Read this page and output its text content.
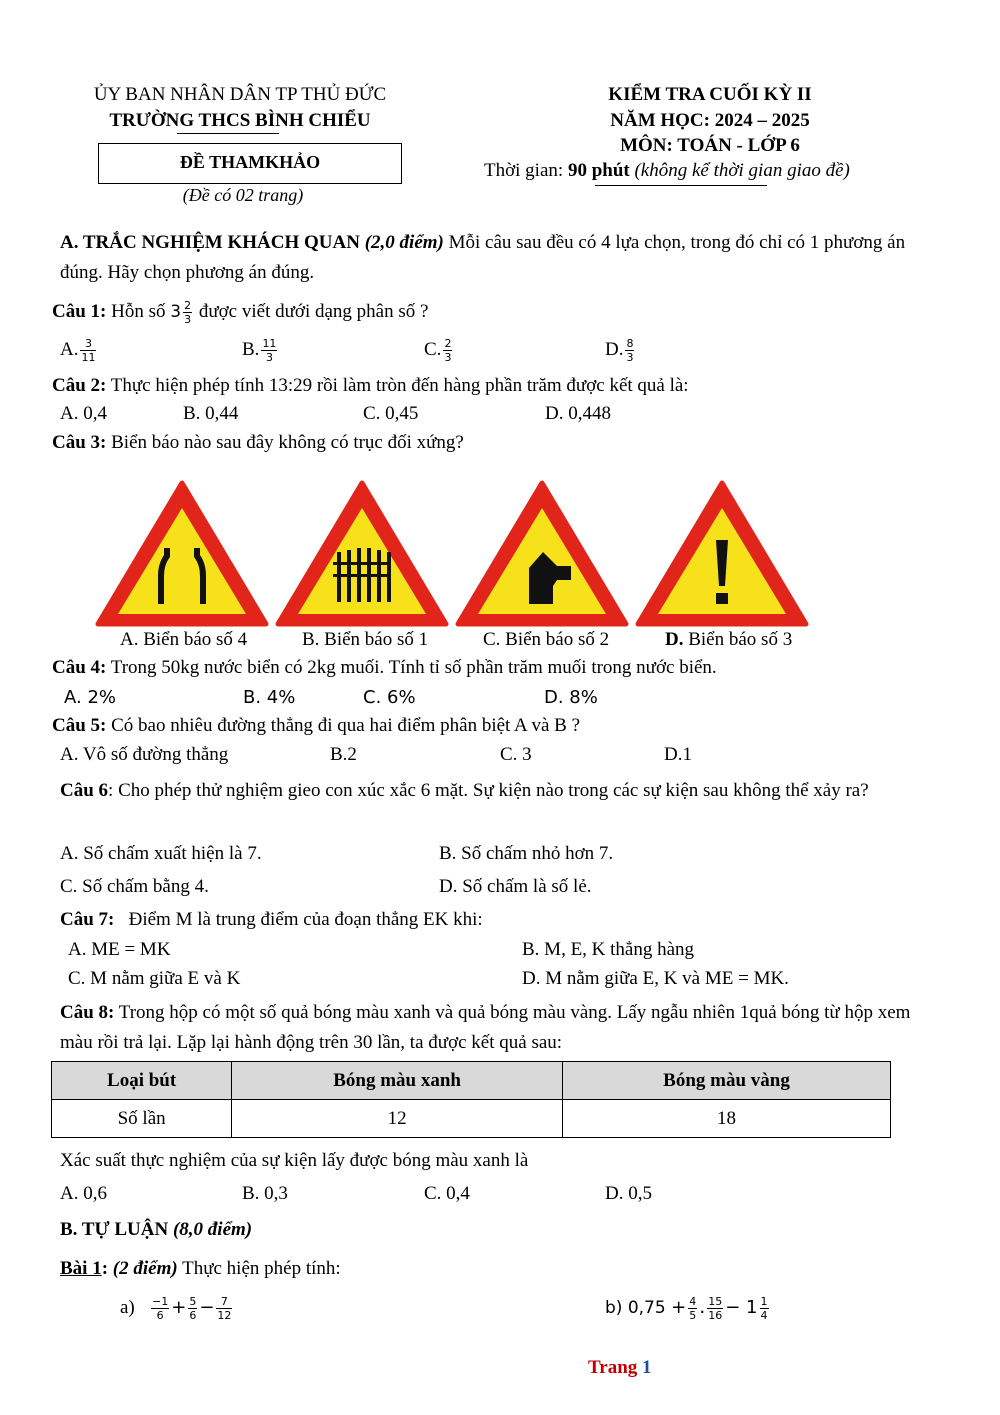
ỦY BAN NHÂN DÂN TP THỦ ĐỨC
TRƯỜNG THCS BÌNH CHIỂU
ĐỀ THAMKHẢO
(Đề có 02 trang)
KIỂM TRA CUỐI KỲ II
NĂM HỌC: 2024 – 2025
MÔN: TOÁN - LỚP 6
Thời gian: 90 phút (không kể thời gian giao đề)
A. TRẮC NGHIỆM KHÁCH QUAN (2,0 điểm) Mỗi câu sau đều có 4 lựa chọn, trong đó chỉ có 1 phương án đúng. Hãy chọn phương án đúng.
Câu 1: Hỗn số $3 \frac{2}{3}$ được viết dưới dạng phân số ?
A. $\frac{3}{11}$	B. $\frac{11}{3}$	C. $\frac{2}{3}$	D. $\frac{8}{3}$
Câu 2: Thực hiện phép tính 13:29 rồi làm tròn đến hàng phần trăm được kết quả là:
A. 0,4	B. 0,44	C. 0,45	D. 0,448
Câu 3: Biển báo nào sau đây không có trục đối xứng?
A. Biển báo số 4	B. Biển báo số 1	C. Biển báo số 2	D. Biển báo số 3
Câu 4: Trong 50kg nước biển có 2kg muối. Tính tỉ số phần trăm muối trong nước biển.
A. 2%	B. 4%	C. 6%	D. 8%
Câu 5: Có bao nhiêu đường thẳng đi qua hai điểm phân biệt A và B ?
A. Vô số đường thẳng	B.2	C. 3	D.1
Câu 6: Cho phép thử nghiệm gieo con xúc xắc 6 mặt. Sự kiện nào trong các sự kiện sau không thể xảy ra?
A. Số chấm xuất hiện là 7.	B. Số chấm nhỏ hơn 7.
C. Số chấm bằng 4.	D. Số chấm là số lẻ.
Câu 7:   Điểm M là trung điểm của đoạn thẳng EK khi:
A. ME = MK	B. M, E, K thẳng hàng
C. M nằm giữa E và K	D. M nằm giữa E, K và ME = MK.
Câu 8: Trong hộp có một số quả bóng màu xanh và quả bóng màu vàng. Lấy ngẫu nhiên 1quả bóng từ hộp xem màu rồi trả lại. Lặp lại hành động trên 30 lần, ta được kết quả sau:
Loại bút	Bóng màu xanh	Bóng màu vàng
Số lần	12	18
Xác suất thực nghiệm của sự kiện lấy được bóng màu xanh là
A. 0,6	B. 0,3	C. 0,4	D. 0,5
B. TỰ LUẬN (8,0 điểm)
Bài 1: (2 điểm) Thực hiện phép tính:
$a) \frac{-1}{6} + \frac{5}{6} - \frac{7}{12}$	b) $0,75 + \frac{4}{5}$ . $\frac{15}{16} - 1 \frac{1}{4}$
Trang 1
